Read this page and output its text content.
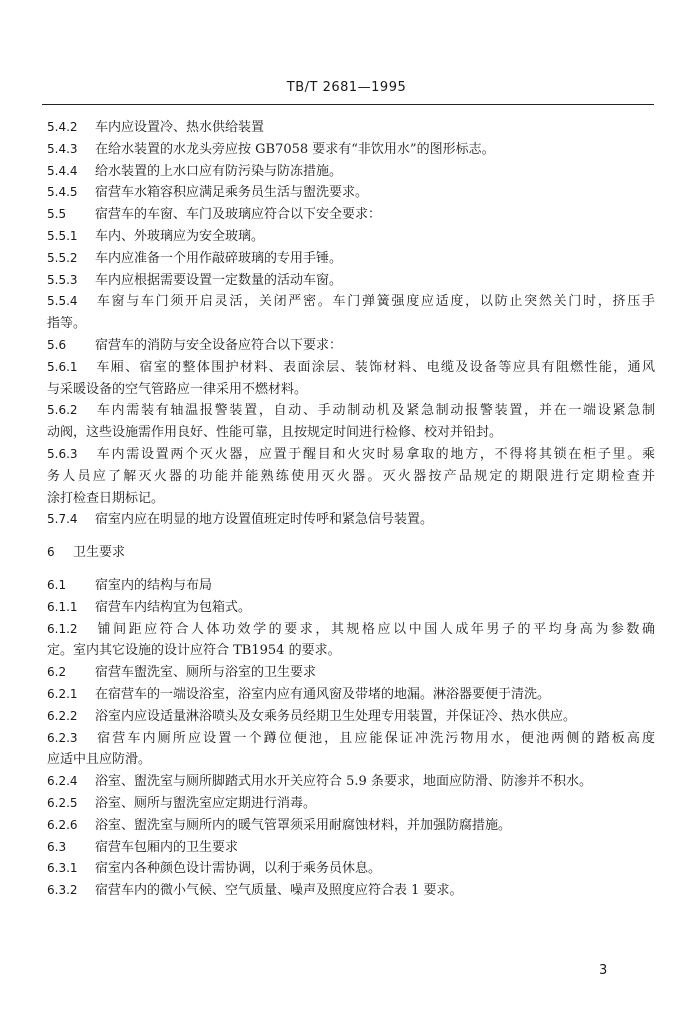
TB/T 2681—1995
5.4.2 车内应设置冷、热水供给装置
5.4.3 在给水装置的水龙头旁应按 GB7058 要求有“非饮用水”的图形标志。
5.4.4 给水装置的上水口应有防污染与防冻措施。
5.4.5 宿营车水箱容积应满足乘务员生活与盥洗要求。
5.5 宿营车的车窗、车门及玻璃应符合以下安全要求：
5.5.1 车内、外玻璃应为安全玻璃。
5.5.2 车内应准备一个用作敲碎玻璃的专用手锤。
5.5.3 车内应根据需要设置一定数量的活动车窗。
5.5.4 车窗与车门须开启灵活，关闭严密。车门弹簧强度应适度，以防止突然关门时，挤压手
指等。
5.6 宿营车的消防与安全设备应符合以下要求：
5.6.1 车厢、宿室的整体围护材料、表面涂层、装饰材料、电缆及设备等应具有阻燃性能，通风
与采暖设备的空气管路应一律采用不燃材料。
5.6.2 车内需装有轴温报警装置，自动、手动制动机及紧急制动报警装置，并在一端设紧急制
动阀，这些设施需作用良好、性能可靠，且按规定时间进行检修、校对并铅封。
5.6.3 车内需设置两个灭火器，应置于醒目和火灾时易拿取的地方，不得将其锁在柜子里。乘
务人员应了解灭火器的功能并能熟练使用灭火器。灭火器按产品规定的期限进行定期检查并
涂打检查日期标记。
5.7.4 宿室内应在明显的地方设置值班定时传呼和紧急信号装置。
6 卫生要求
6.1 宿室内的结构与布局
6.1.1 宿营车内结构宜为包箱式。
6.1.2 铺间距应符合人体功效学的要求，其规格应以中国人成年男子的平均身高为参数确
定。室内其它设施的设计应符合 TB1954 的要求。
6.2 宿营车盥洗室、厕所与浴室的卫生要求
6.2.1 在宿营车的一端设浴室，浴室内应有通风窗及带堵的地漏。淋浴器要便于清洗。
6.2.2 浴室内应设适量淋浴喷头及女乘务员经期卫生处理专用装置，并保证冷、热水供应。
6.2.3 宿营车内厕所应设置一个蹲位便池，且应能保证冲洗污物用水，便池两侧的踏板高度
应适中且应防滑。
6.2.4 浴室、盥洗室与厕所脚踏式用水开关应符合 5.9 条要求，地面应防滑、防渗并不积水。
6.2.5 浴室、厕所与盥洗室应定期进行消毒。
6.2.6 浴室、盥洗室与厕所内的暖气管罩须采用耐腐蚀材料，并加强防腐措施。
6.3 宿营车包厢内的卫生要求
6.3.1 宿室内各种颜色设计需协调，以利于乘务员休息。
6.3.2 宿营车内的微小气候、空气质量、噪声及照度应符合表 1 要求。
3
